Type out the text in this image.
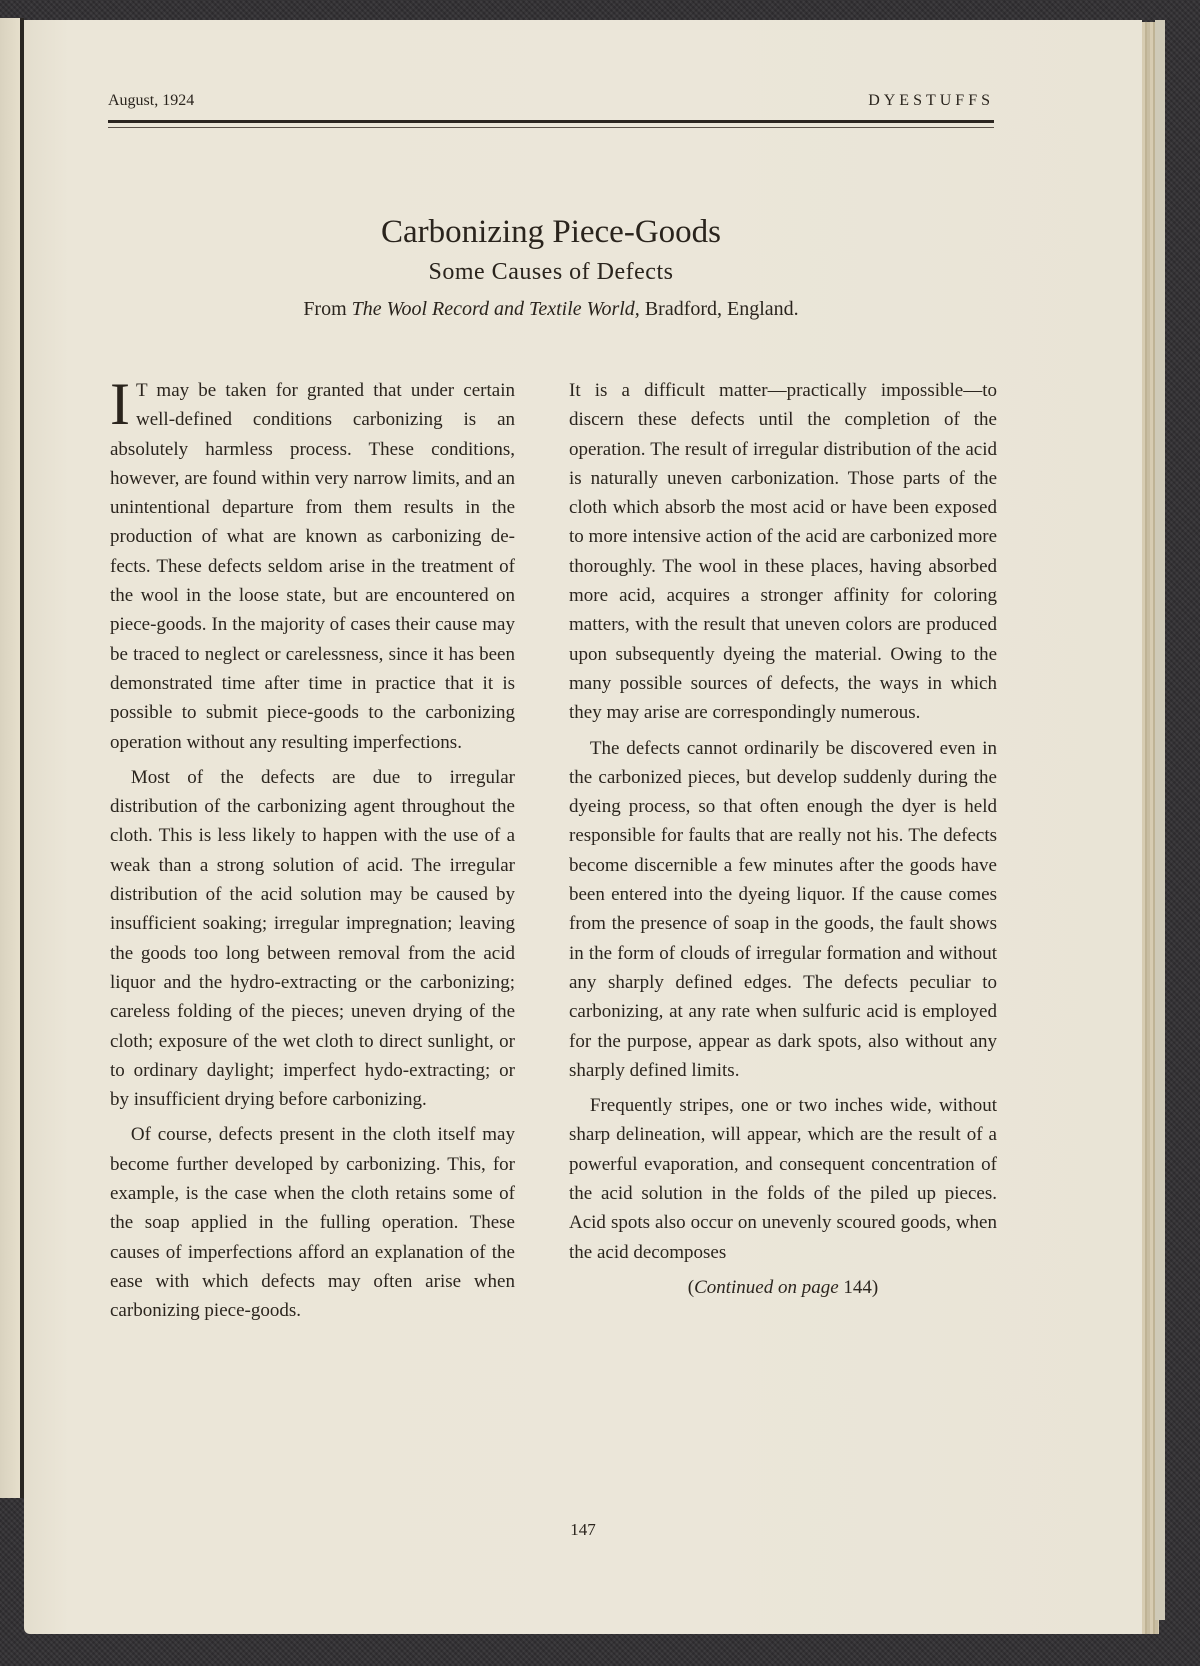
147
August, 1924	DYESTUFFS
Carbonizing Piece-Goods
Some Causes of Defects
From The Wool Record and Textile World, Bradford, England.

I T may be taken for granted that under certain well-defined conditions carbonizing is an absolutely harmless process. These conditions, however, are found within very narrow limits, and an unintentional departure from them results in the production of what are known as carbonizing defects. These defects seldom arise in the treatment of the wool in the loose state, but are encountered on piece-goods. In the majority of cases their cause may be traced to neglect or carelessness, since it has been demonstrated time after time in practice that it is possible to submit piece-goods to the carbonizing operation without any resulting imperfections.

Most of the defects are due to irregular distribution of the carbonizing agent throughout the cloth. This is less likely to happen with the use of a weak than a strong solution of acid. The irregular distribution of the acid solution may be caused by insufficient soaking; irregular impregnation; leaving the goods too long between removal from the acid liquor and the hydro-extracting or the carbonizing; careless folding of the pieces; uneven drying of the cloth; exposure of the wet cloth to direct sunlight, or to ordinary daylight; imperfect hydo-extracting; or by insufficient drying before carbonizing.

Of course, defects present in the cloth itself may become further developed by carbonizing. This, for example, is the case when the cloth retains some of the soap applied in the fulling operation. These causes of imperfections afford an explanation of the ease with which defects may often arise when carbonizing piece-goods.

It is a difficult matter—practically impossible—to discern these defects until the completion of the operation. The result of irregular distribution of the acid is naturally uneven carbonization. Those parts of the cloth which absorb the most acid or have been exposed to more intensive action of the acid are carbonized more thoroughly. The wool in these places, having absorbed more acid, acquires a stronger affinity for coloring matters, with the result that uneven colors are produced upon subsequently dyeing the material. Owing to the many possible sources of defects, the ways in which they may arise are correspondingly numerous.

The defects cannot ordinarily be discovered even in the carbonized pieces, but develop suddenly during the dyeing process, so that often enough the dyer is held responsible for faults that are really not his. The defects become discernible a few minutes after the goods have been entered into the dyeing liquor. If the cause comes from the presence of soap in the goods, the fault shows in the form of clouds of irregular formation and without any sharply defined edges. The defects peculiar to carbonizing, at any rate when sulfuric acid is employed for the purpose, appear as dark spots, also without any sharply defined limits.

Frequently stripes, one or two inches wide, without sharp delineation, will appear, which are the result of a powerful evaporation, and consequent concentration of the acid solution in the folds of the piled up pieces. Acid spots also occur on unevenly scoured goods, when the acid decomposes

(Continued on page 144)
